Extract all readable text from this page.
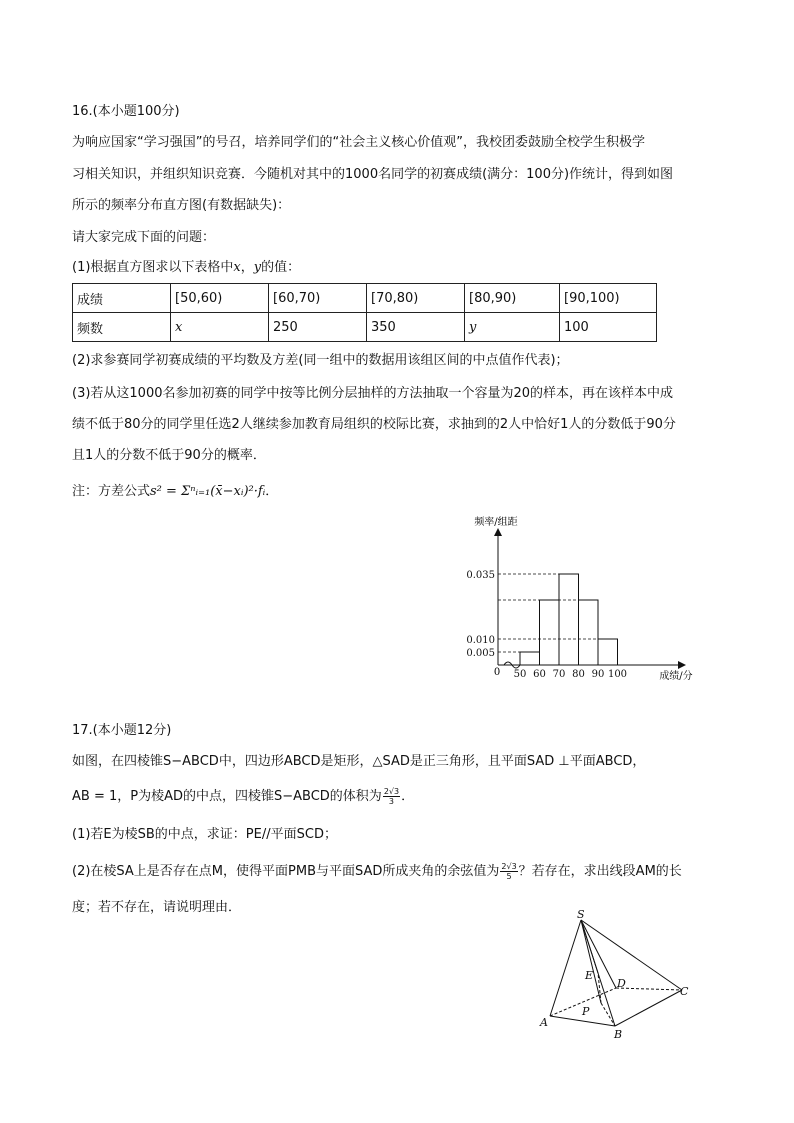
16.(本小题100分)
为响应国家“学习强国”的号召，培养同学们的“社会主义核心价值观”，我校团委鼓励全校学生积极学
习相关知识，并组织知识竞赛．今随机对其中的1000名同学的初赛成绩(满分：100分)作统计，得到如图
所示的频率分布直方图(有数据缺失)：
请大家完成下面的问题：
(1)根据直方图求以下表格中x，y的值：
成绩	[50,60)	[60,70)	[70,80)	[80,90)	[90,100)
频数	x	250	350	y	100
(2)求参赛同学初赛成绩的平均数及方差(同一组中的数据用该组区间的中点值作代表)；
(3)若从这1000名参加初赛的同学中按等比例分层抽样的方法抽取一个容量为20的样本，再在该样本中成
绩不低于80分的同学里任选2人继续参加教育局组织的校际比赛，求抽到的2人中恰好1人的分数低于90分
且1人的分数不低于90分的概率．
注：方差公式s² = Σⁿᵢ₌₁(x̄−xᵢ)²·fᵢ．
频率/组距
成绩/分
0
0.005
0.010
0.035
50 60 70 80 90 100
17.(本小题12分)
如图，在四棱锥S−ABCD中，四边形ABCD是矩形，△SAD是正三角形，且平面SAD ⊥平面ABCD，
AB = 1，P为棱AD的中点，四棱锥S−ABCD的体积为 $\frac{2√3}{3}$ ．
(1)若E为棱SB的中点，求证：PE//平面SCD；
(2)在棱SA上是否存在点M，使得平面PMB与平面SAD所成夹角的余弦值为 $\frac{2√3}{5}$ ？若存在，求出线段AM的长
度；若不存在，请说明理由．	S
A
B
C
D
E
P
